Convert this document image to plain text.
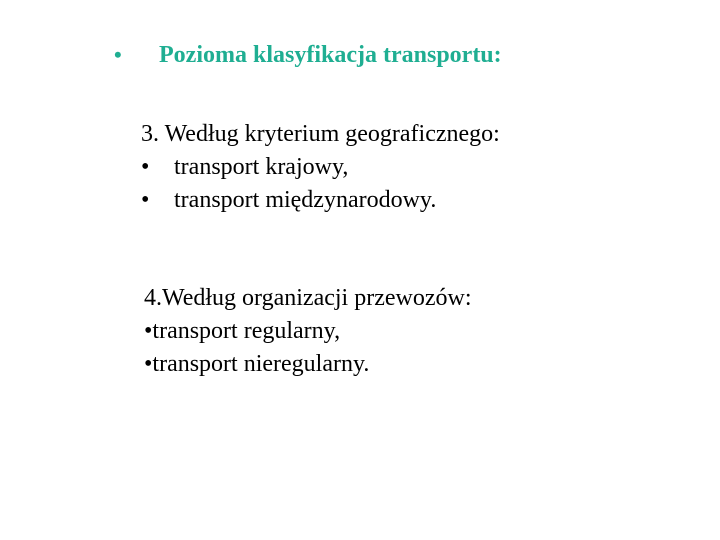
• Pozioma klasyfikacja transportu:
3. Według kryterium geograficznego:
• transport krajowy,
• transport międzynarodowy.
4.Według organizacji przewozów:
•transport regularny,
•transport nieregularny.
